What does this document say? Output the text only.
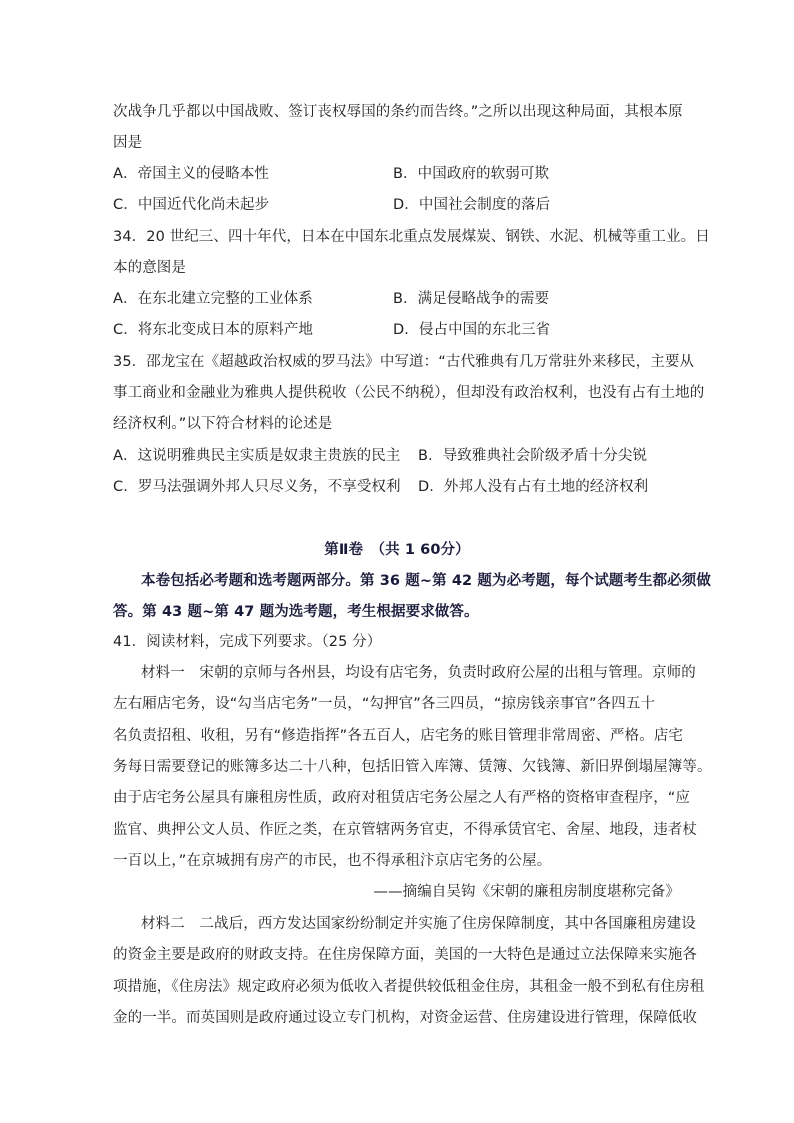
次战争几乎都以中国战败、签订丧权辱国的条约而告终。”之所以出现这种局面，其根本原
因是
A．帝国主义的侵略本性	B．中国政府的软弱可欺
C．中国近代化尚未起步	D．中国社会制度的落后
34．20 世纪三、四十年代，日本在中国东北重点发展煤炭、钢铁、水泥、机械等重工业。日
本的意图是
A．在东北建立完整的工业体系	B．满足侵略战争的需要
C．将东北变成日本的原料产地	D．侵占中国的东北三省
35．邵龙宝在《超越政治权威的罗马法》中写道：“古代雅典有几万常驻外来移民，主要从
事工商业和金融业为雅典人提供税收（公民不纳税），但却没有政治权利，也没有占有土地的
经济权利。”以下符合材料的论述是
A．这说明雅典民主实质是奴隶主贵族的民主 B．导致雅典社会阶级矛盾十分尖锐
C．罗马法强调外邦人只尽义务，不享受权利 D．外邦人没有占有土地的经济权利
第Ⅱ卷　（共 1 60分）
本卷包括必考题和选考题两部分。第 36 题~第 42 题为必考题，每个试题考生都必须做
答。第 43 题~第 47 题为选考题，考生根据要求做答。
41．阅读材料，完成下列要求。（25 分）
材料一　宋朝的京师与各州县，均设有店宅务，负责时政府公屋的出租与管理。京师的
左右厢店宅务，设“勾当店宅务”一员，“勾押官”各三四员，“掠房钱亲事官”各四五十
名负责招租、收租，另有“修造指挥”各五百人，店宅务的账目管理非常周密、严格。店宅
务每日需要登记的账簿多达二十八种，包括旧管入库簿、赁簿、欠钱簿、新旧界倒塌屋簿等。
由于店宅务公屋具有廉租房性质，政府对租赁店宅务公屋之人有严格的资格审查程序，“应
监官、典押公文人员、作匠之类，在京管辖两务官吏，不得承赁官宅、舍屋、地段，违者杖
一百以上，”在京城拥有房产的市民，也不得承租汴京店宅务的公屋。
——摘编自吴钩《宋朝的廉租房制度堪称完备》
材料二　二战后，西方发达国家纷纷制定并实施了住房保障制度，其中各国廉租房建设
的资金主要是政府的财政支持。在住房保障方面，美国的一大特色是通过立法保障来实施各
项措施，《住房法》规定政府必须为低收入者提供较低租金住房，其租金一般不到私有住房租
金的一半。而英国则是政府通过设立专门机构，对资金运营、住房建设进行管理，保障低收
